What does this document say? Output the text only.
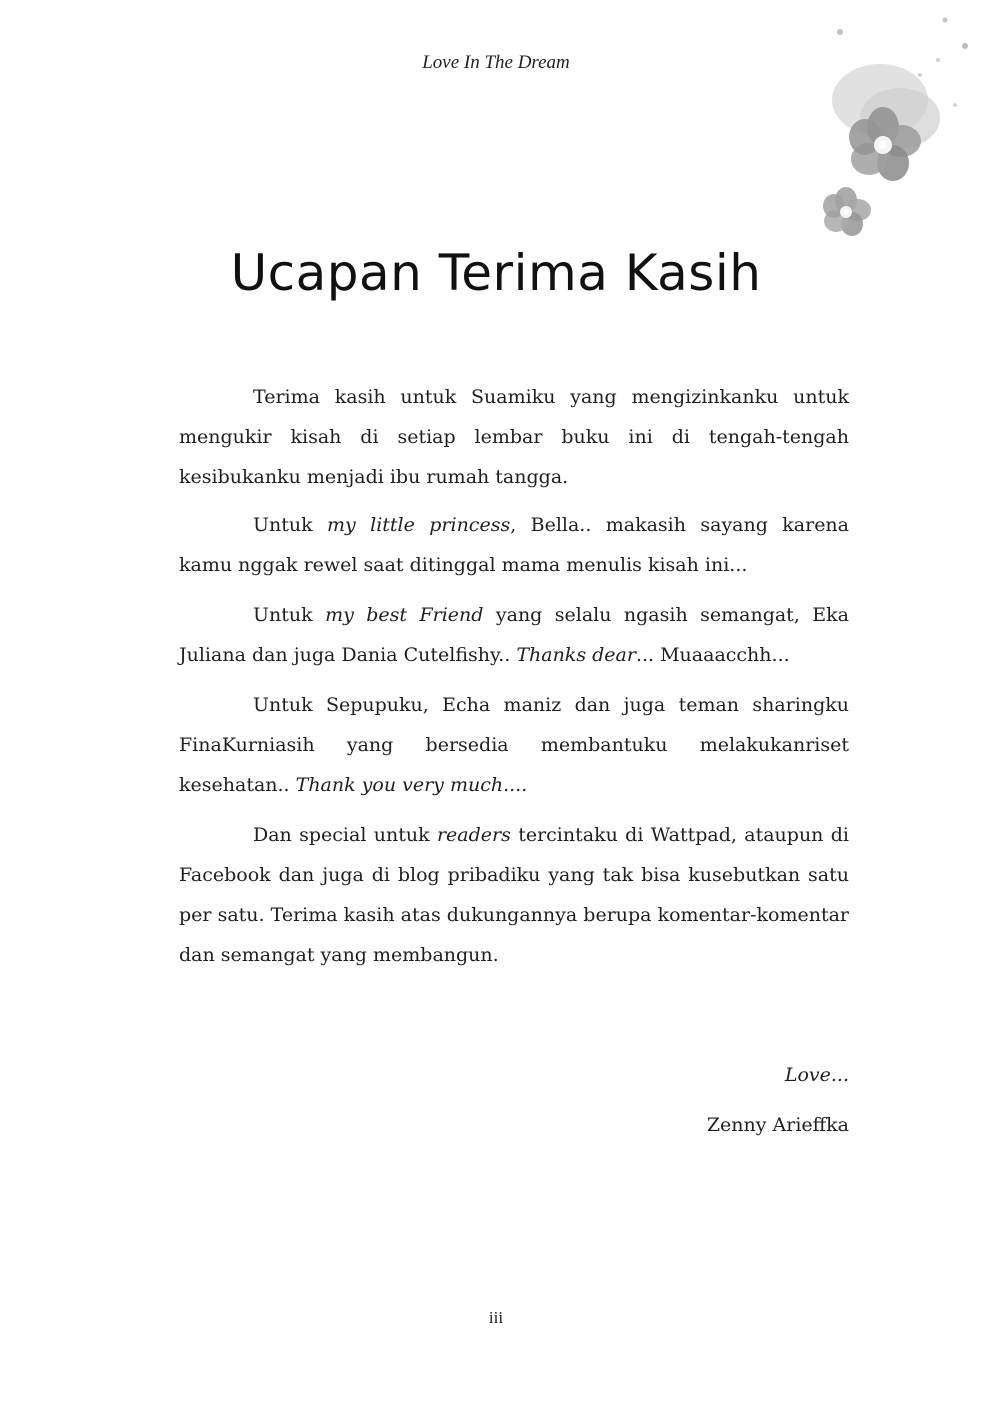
Love In The Dream
Ucapan Terima Kasih

Terima kasih untuk Suamiku yang mengizinkanku untuk mengukir kisah di setiap lembar buku ini di tengah-tengah kesibukanku menjadi ibu rumah tangga.

Untuk my little princess, Bella.. makasih sayang karena kamu nggak rewel saat ditinggal mama menulis kisah ini...

Untuk my best Friend yang selalu ngasih semangat, Eka Juliana dan juga Dania Cutelfishy.. Thanks dear... Muaaacchh...

Untuk Sepupuku, Echa maniz dan juga teman sharingku FinaKurniasih yang bersedia membantuku melakukanriset kesehatan.. Thank you very much....

Dan special untuk readers tercintaku di Wattpad, ataupun di Facebook dan juga di blog pribadiku yang tak bisa kusebutkan satu per satu. Terima kasih atas dukungannya berupa komentar-komentar dan semangat yang membangun.

Love...
Zenny Arieffka
iii
